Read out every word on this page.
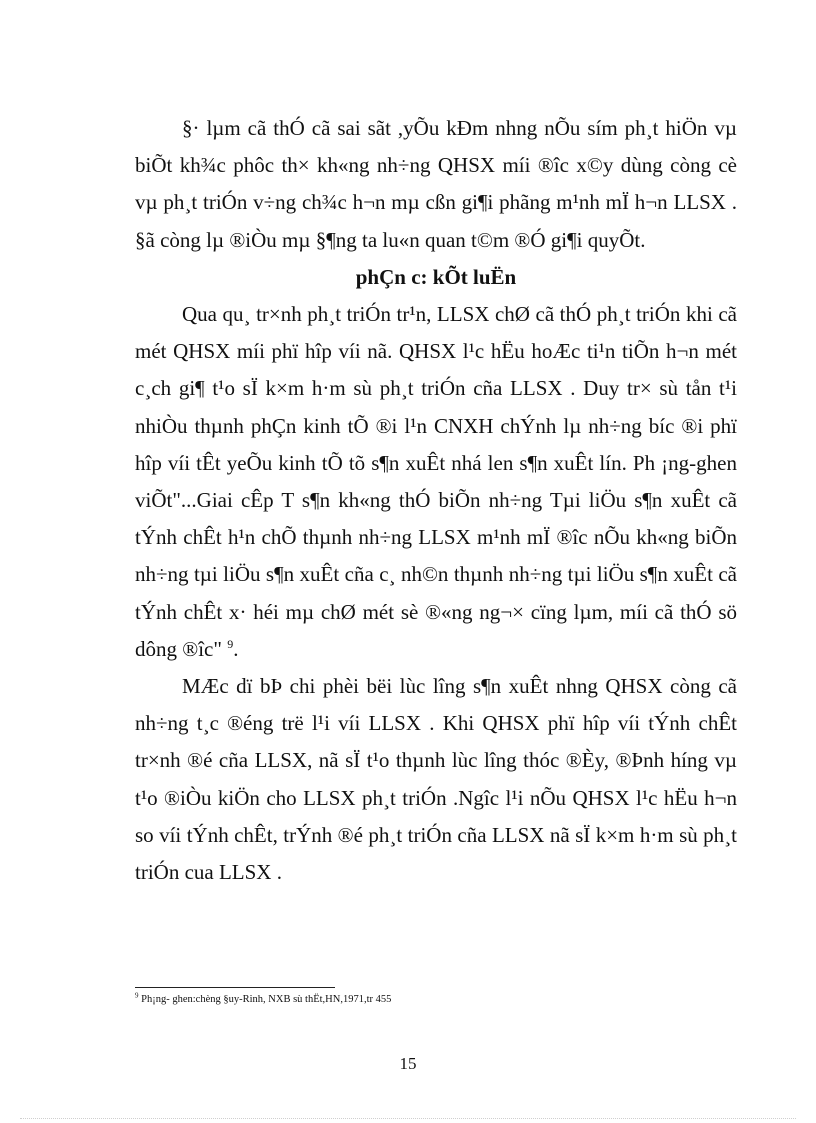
§· lµm cã thÓ cã sai sãt ,yÕu kÐm nhng nÕu sím ph¸t hiÖn vµ biÕt kh¾c phôc th× kh«ng nh÷ng QHSX míi ®îc x©y dùng còng cè vµ ph¸t triÓn v÷ng ch¾c h¬n mµ cßn gi¶i phãng m¹nh mÏ h¬n LLSX . §ã còng lµ ®iÒu mµ §¶ng ta lu«n quan t©m ®Ó gi¶i quyÕt.

phÇn c: kÕt luËn

Qua qu¸ tr×nh ph¸t triÓn tr¹n, LLSX chØ cã thÓ ph¸t triÓn khi cã mét QHSX míi phï hîp víi nã. QHSX l¹c hËu hoÆc ti¹n tiÕn h¬n mét c¸ch gi¶ t¹o sÏ k×m h·m sù ph¸t triÓn cña LLSX . Duy tr× sù tån t¹i nhiÒu thµnh phÇn kinh tÕ ®i l¹n CNXH chÝnh lµ nh÷ng bíc ®i phï hîp víi tÊt yeÕu kinh tÕ tõ s¶n xuÊt nhá len s¶n xuÊt lín. Ph ¡ng-ghen viÕt"...Giai cÊp T s¶n kh«ng thÓ biÕn nh÷ng Tµi liÖu s¶n xuÊt cã tÝnh chÊt h¹n chÕ thµnh nh÷ng LLSX m¹nh mÏ ®îc nÕu kh«ng biÕn nh÷ng tµi liÖu s¶n xuÊt cña c¸ nh©n thµnh nh÷ng tµi liÖu s¶n xuÊt cã tÝnh chÊt x· héi mµ chØ mét sè ®«ng ng¬× cïng lµm, míi cã thÓ sö dông ®îc" $^9$.

MÆc dï bÞ chi phèi bëi lùc lîng s¶n xuÊt nhng QHSX còng cã nh÷ng t¸c ®éng trë l¹i víi LLSX . Khi QHSX phï hîp víi tÝnh chÊt tr×nh ®é cña LLSX, nã sÏ t¹o thµnh lùc lîng thóc ®Èy, ®Þnh híng vµ t¹o ®iÒu kiÖn cho LLSX ph¸t triÓn .Ngîc l¹i nÕu QHSX l¹c hËu h¬n so víi tÝnh chÊt, trÝnh ®é ph¸t triÓn cña LLSX nã sÏ k×m h·m sù ph¸t triÓn cua LLSX .

$^9$ Ph¡ng- ghen:chèng §uy-Rinh, NXB sù thËt,HN,1971,tr 455
15
